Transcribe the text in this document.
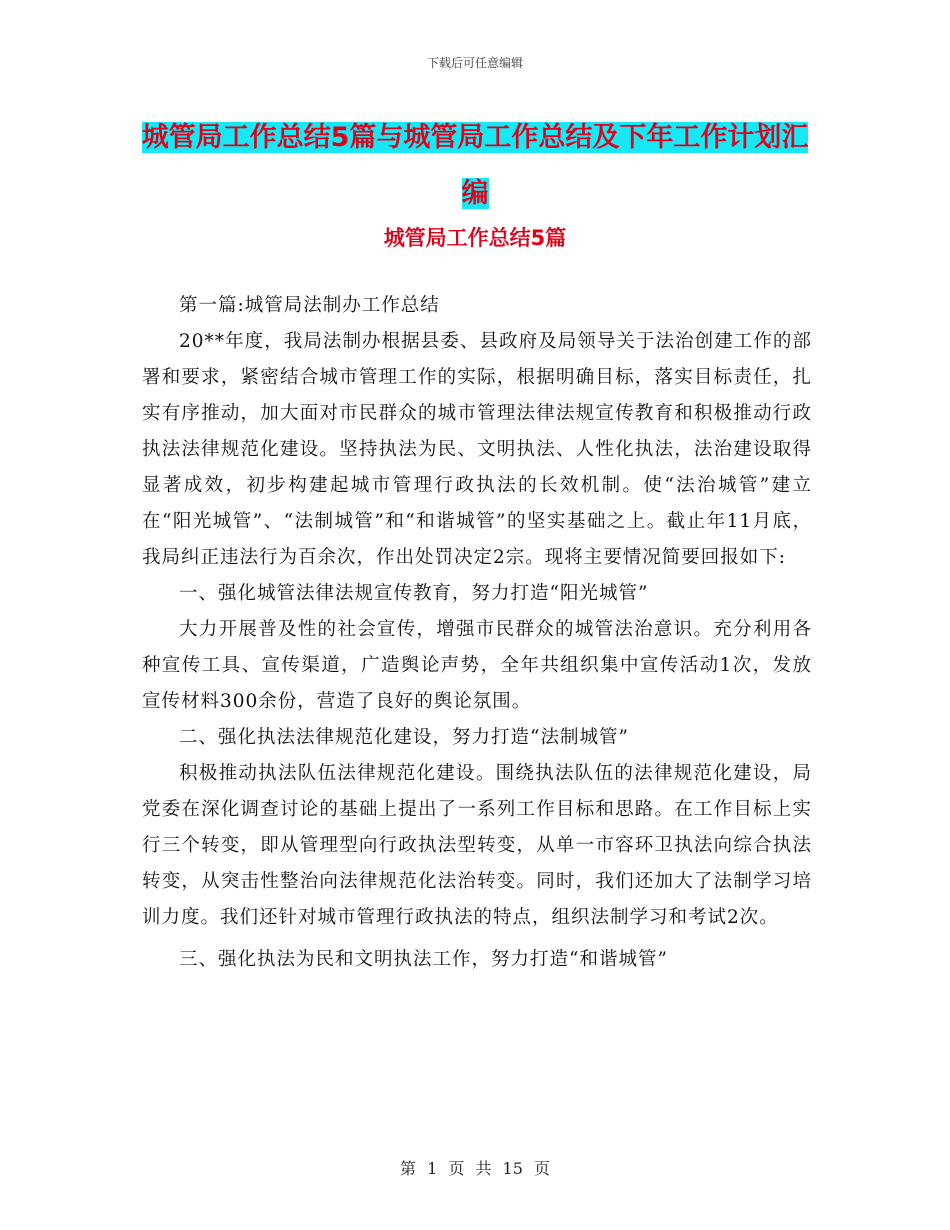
下载后可任意编辑
城管局工作总结5篇与城管局工作总结及下年工作计划汇编
城管局工作总结5篇

第一篇:城管局法制办工作总结

20**年度，我局法制办根据县委、县政府及局领导关于法治创建工作的部署和要求，紧密结合城市管理工作的实际，根据明确目标，落实目标责任，扎实有序推动，加大面对市民群众的城市管理法律法规宣传教育和积极推动行政执法法律规范化建设。坚持执法为民、文明执法、人性化执法，法治建设取得显著成效，初步构建起城市管理行政执法的长效机制。使“法治城管”建立在“阳光城管”、“法制城管”和“和谐城管”的坚实基础之上。截止年11月底，我局纠正违法行为百余次，作出处罚决定2宗。现将主要情况简要回报如下:

一、强化城管法律法规宣传教育，努力打造“阳光城管”

大力开展普及性的社会宣传，增强市民群众的城管法治意识。充分利用各种宣传工具、宣传渠道，广造舆论声势，全年共组织集中宣传活动1次，发放宣传材料300余份，营造了良好的舆论氛围。

二、强化执法法律规范化建设，努力打造“法制城管”

积极推动执法队伍法律规范化建设。围绕执法队伍的法律规范化建设，局党委在深化调查讨论的基础上提出了一系列工作目标和思路。在工作目标上实行三个转变，即从管理型向行政执法型转变，从单一市容环卫执法向综合执法转变，从突击性整治向法律规范化法治转变。同时，我们还加大了法制学习培训力度。我们还针对城市管理行政执法的特点，组织法制学习和考试2次。

三、强化执法为民和文明执法工作，努力打造“和谐城管”

第 1 页 共 15 页
